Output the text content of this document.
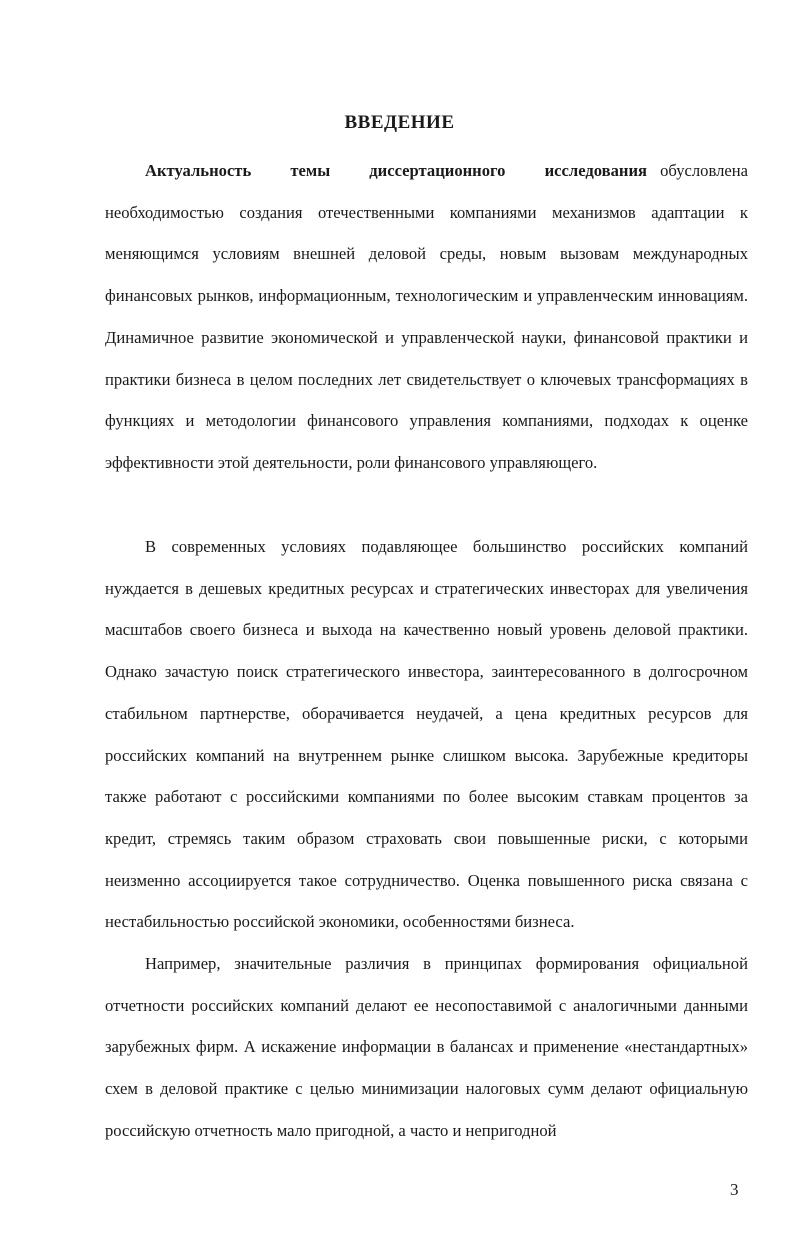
ВВЕДЕНИЕ

Актуальность темы диссертационного исследования обусловлена необходимостью создания отечественными компаниями механизмов адаптации к меняющимся условиям внешней деловой среды, новым вызовам международных финансовых рынков, информационным, технологическим и управленческим инновациям. Динамичное развитие экономической и управленческой науки, финансовой практики и практики бизнеса в целом последних лет свидетельствует о ключевых трансформациях в функциях и методологии финансового управления компаниями, подходах к оценке эффективности этой деятельности, роли финансового управляющего.

В современных условиях подавляющее большинство российских компаний нуждается в дешевых кредитных ресурсах и стратегических инвесторах для увеличения масштабов своего бизнеса и выхода на качественно новый уровень деловой практики. Однако зачастую поиск стратегического инвестора, заинтересованного в долгосрочном стабильном партнерстве, оборачивается неудачей, а цена кредитных ресурсов для российских компаний на внутреннем рынке слишком высока. Зарубежные кредиторы также работают с российскими компаниями по более высоким ставкам процентов за кредит, стремясь таким образом страховать свои повышенные риски, с которыми неизменно ассоциируется такое сотрудничество. Оценка повышенного риска связана с нестабильностью российской экономики, особенностями бизнеса.

Например, значительные различия в принципах формирования официальной отчетности российских компаний делают ее несопоставимой с аналогичными данными зарубежных фирм. А искажение информации в балансах и применение «нестандартных» схем в деловой практике с целью минимизации налоговых сумм делают официальную российскую отчетность мало пригодной, а часто и непригодной

3
